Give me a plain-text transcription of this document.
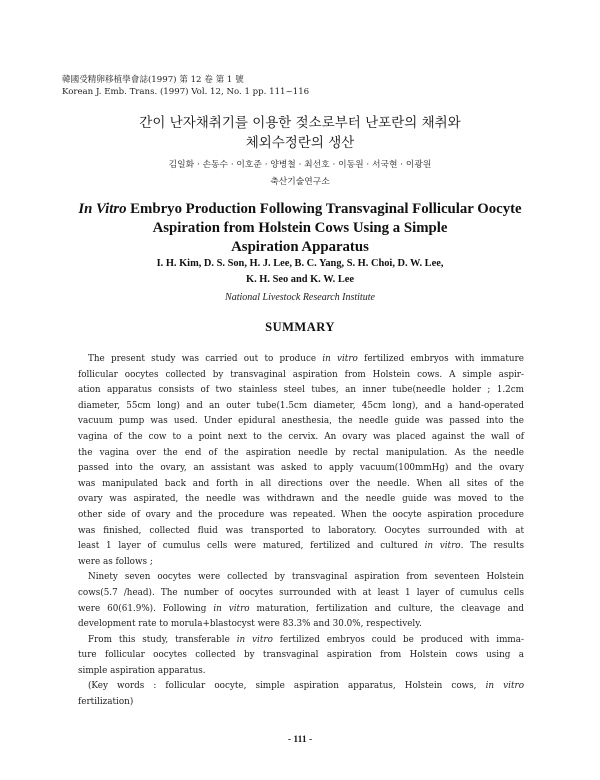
韓國受精卵移植學會誌(1997) 第 12 卷 第 1 號
Korean J. Emb. Trans. (1997) Vol. 12, No. 1 pp. 111~116
간이 난자채취기를 이용한 젖소로부터 난포란의 채취와
체외수정란의 생산
김일화 · 손동수 · 이호준 · 양병철 · 최선호 · 이동원 · 서국현 · 이광원
축산기술연구소
In Vitro Embryo Production Following Transvaginal Follicular Oocyte
Aspiration from Holstein Cows Using a Simple
Aspiration Apparatus
I. H. Kim, D. S. Son, H. J. Lee, B. C. Yang, S. H. Choi, D. W. Lee,
K. H. Seo and K. W. Lee
National Livestock Research Institute
SUMMARY
The present study was carried out to produce in vitro fertilized embryos with immature
follicular oocytes collected by transvaginal aspiration from Holstein cows. A simple aspir-
ation apparatus consists of two stainless steel tubes, an inner tube(needle holder ; 1.2cm
diameter, 55cm long) and an outer tube(1.5cm diameter, 45cm long), and a hand-operated
vacuum pump was used. Under epidural anesthesia, the needle guide was passed into the
vagina of the cow to a point next to the cervix. An ovary was placed against the wall of
the vagina over the end of the aspiration needle by rectal manipulation. As the needle
passed into the ovary, an assistant was asked to apply vacuum(100mmHg) and the ovary
was manipulated back and forth in all directions over the needle. When all sites of the
ovary was aspirated, the needle was withdrawn and the needle guide was moved to the
other side of ovary and the procedure was repeated. When the oocyte aspiration procedure
was finished, collected fluid was transported to laboratory. Oocytes surrounded with at
least 1 layer of cumulus cells were matured, fertilized and cultured in vitro. The results
were as follows ;
Ninety seven oocytes were collected by transvaginal aspiration from seventeen Holstein
cows(5.7 /head). The number of oocytes surrounded with at least 1 layer of cumulus cells
were 60(61.9%). Following in vitro maturation, fertilization and culture, the cleavage and
development rate to morula+blastocyst were 83.3% and 30.0%, respectively.
From this study, transferable in vitro fertilized embryos could be produced with imma-
ture follicular oocytes collected by transvaginal aspiration from Holstein cows using a
simple aspiration apparatus.
(Key words : follicular oocyte, simple aspiration apparatus, Holstein cows, in vitro
fertilization)
- 111 -
